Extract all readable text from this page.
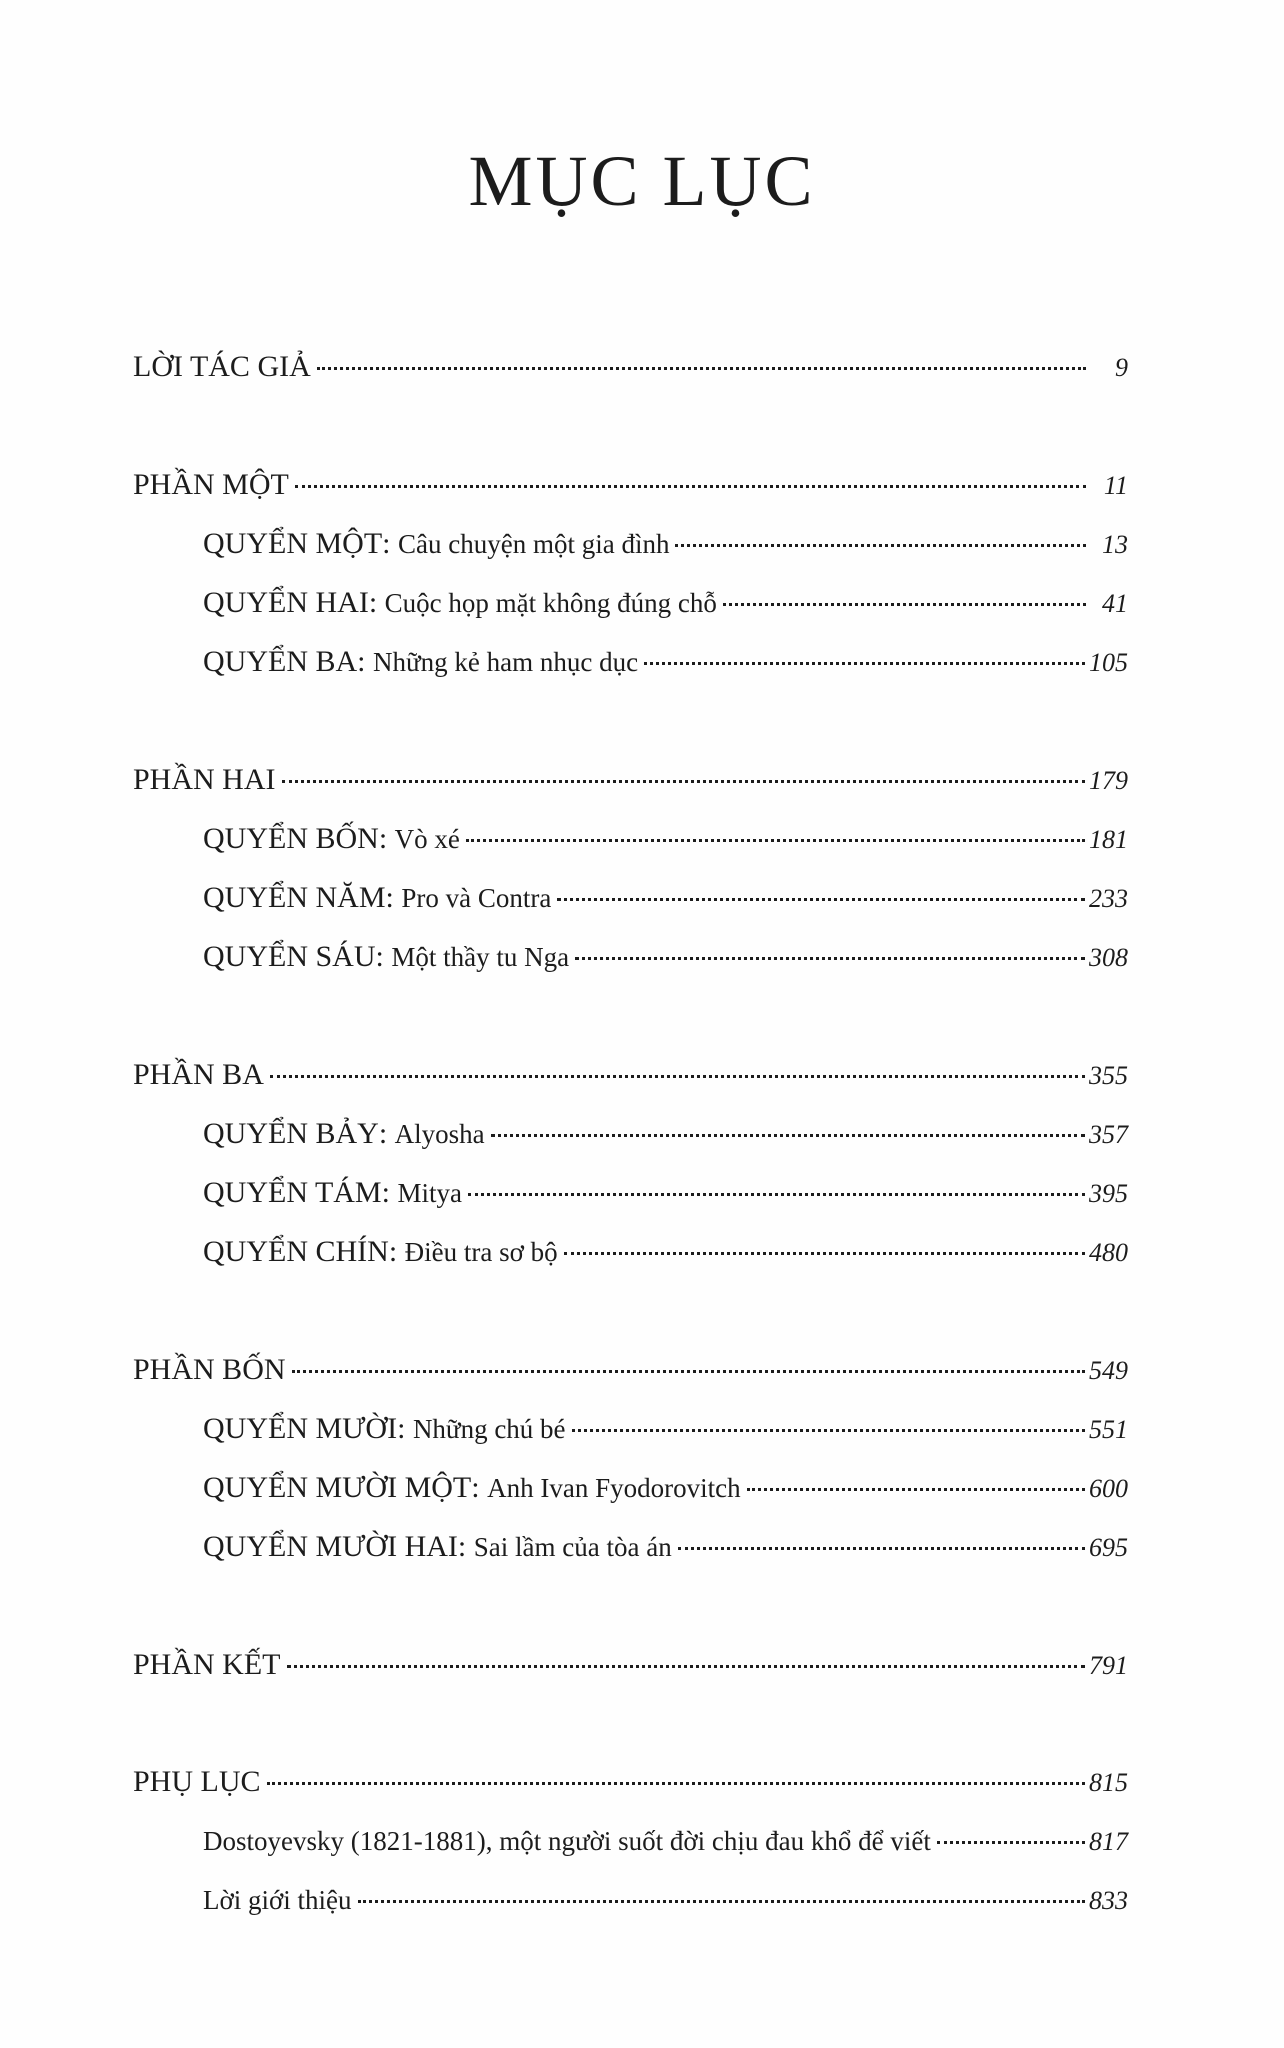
MỤC LỤC
LỜI TÁC GIẢ	9
PHẦN MỘT	11
QUYỂN MỘT : Câu chuyện một gia đình	13
QUYỂN HAI : Cuộc họp mặt không đúng chỗ	41
QUYỂN BA : Những kẻ ham nhục dục	105
PHẦN HAI	179
QUYỂN BỐN : Vò xé	181
QUYỂN NĂM : Pro và Contra	233
QUYỂN SÁU : Một thầy tu Nga	308
PHẦN BA	355
QUYỂN BẢY : Alyosha	357
QUYỂN TÁM : Mitya	395
QUYỂN CHÍN : Điều tra sơ bộ	480
PHẦN BỐN	549
QUYỂN MƯỜI : Những chú bé	551
QUYỂN MƯỜI MỘT : Anh Ivan Fyodorovitch	600
QUYỂN MƯỜI HAI : Sai lầm của tòa án	695
PHẦN KẾT	791
PHỤ LỤC	815
Dostoyevsky (1821-1881), một người suốt đời chịu đau khổ để viết	817
Lời giới thiệu	833
